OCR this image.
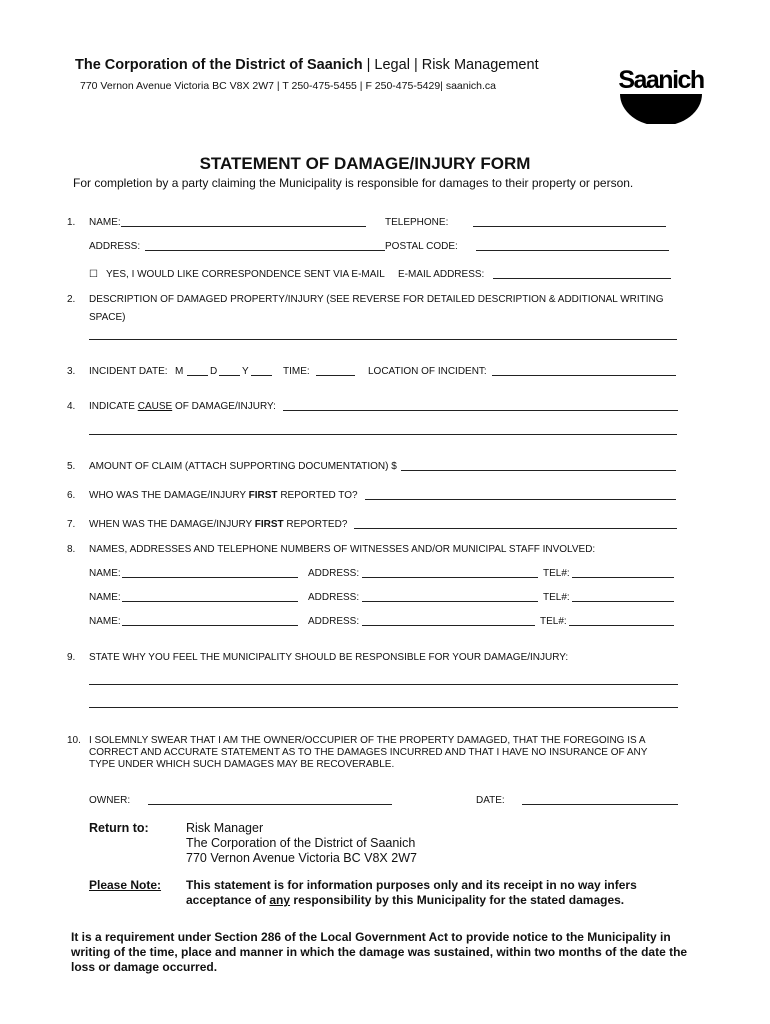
The Corporation of the District of Saanich | Legal | Risk Management
770 Vernon Avenue Victoria BC V8X 2W7 | T 250-475-5455 | F 250-475-5429| saanich.ca	Saanich
STATEMENT OF DAMAGE/INJURY FORM
For completion by a party claiming the Municipality is responsible for damages to their property or person.
1. NAME:	TELEPHONE:
ADDRESS:	POSTAL CODE:
☐ YES, I WOULD LIKE CORRESPONDENCE SENT VIA E-MAIL E-MAIL ADDRESS:
2. DESCRIPTION OF DAMAGED PROPERTY/INJURY (SEE REVERSE FOR DETAILED DESCRIPTION & ADDITIONAL WRITING
SPACE)
3. INCIDENT DATE: M	D Y	TIME:	LOCATION OF INCIDENT:
4. INDICATE CAUSE OF DAMAGE/INJURY:
5. AMOUNT OF CLAIM (ATTACH SUPPORTING DOCUMENTATION) $
6. WHO WAS THE DAMAGE/INJURY FIRST REPORTED TO?
7. WHEN WAS THE DAMAGE/INJURY FIRST REPORTED?
8. NAMES, ADDRESSES AND TELEPHONE NUMBERS OF WITNESSES AND/OR MUNICIPAL STAFF INVOLVED:
NAME:	ADDRESS:	TEL#:
NAME:	ADDRESS:	TEL#:
NAME:	ADDRESS:	TEL#:
9. STATE WHY YOU FEEL THE MUNICIPALITY SHOULD BE RESPONSIBLE FOR YOUR DAMAGE/INJURY:
10. I SOLEMNLY SWEAR THAT I AM THE OWNER/OCCUPIER OF THE PROPERTY DAMAGED, THAT THE FOREGOING IS A
CORRECT AND ACCURATE STATEMENT AS TO THE DAMAGES INCURRED AND THAT I HAVE NO INSURANCE OF ANY
TYPE UNDER WHICH SUCH DAMAGES MAY BE RECOVERABLE.
OWNER:	DATE:
Return to:	Risk Manager
The Corporation of the District of Saanich
770 Vernon Avenue Victoria BC V8X 2W7
Please Note: This statement is for information purposes only and its receipt in no way infers
acceptance of any responsibility by this Municipality for the stated damages.
It is a requirement under Section 286 of the Local Government Act to provide notice to the Municipality in writing of the time, place and manner in which the damage was sustained, within two months of the date the loss or damage occurred.
